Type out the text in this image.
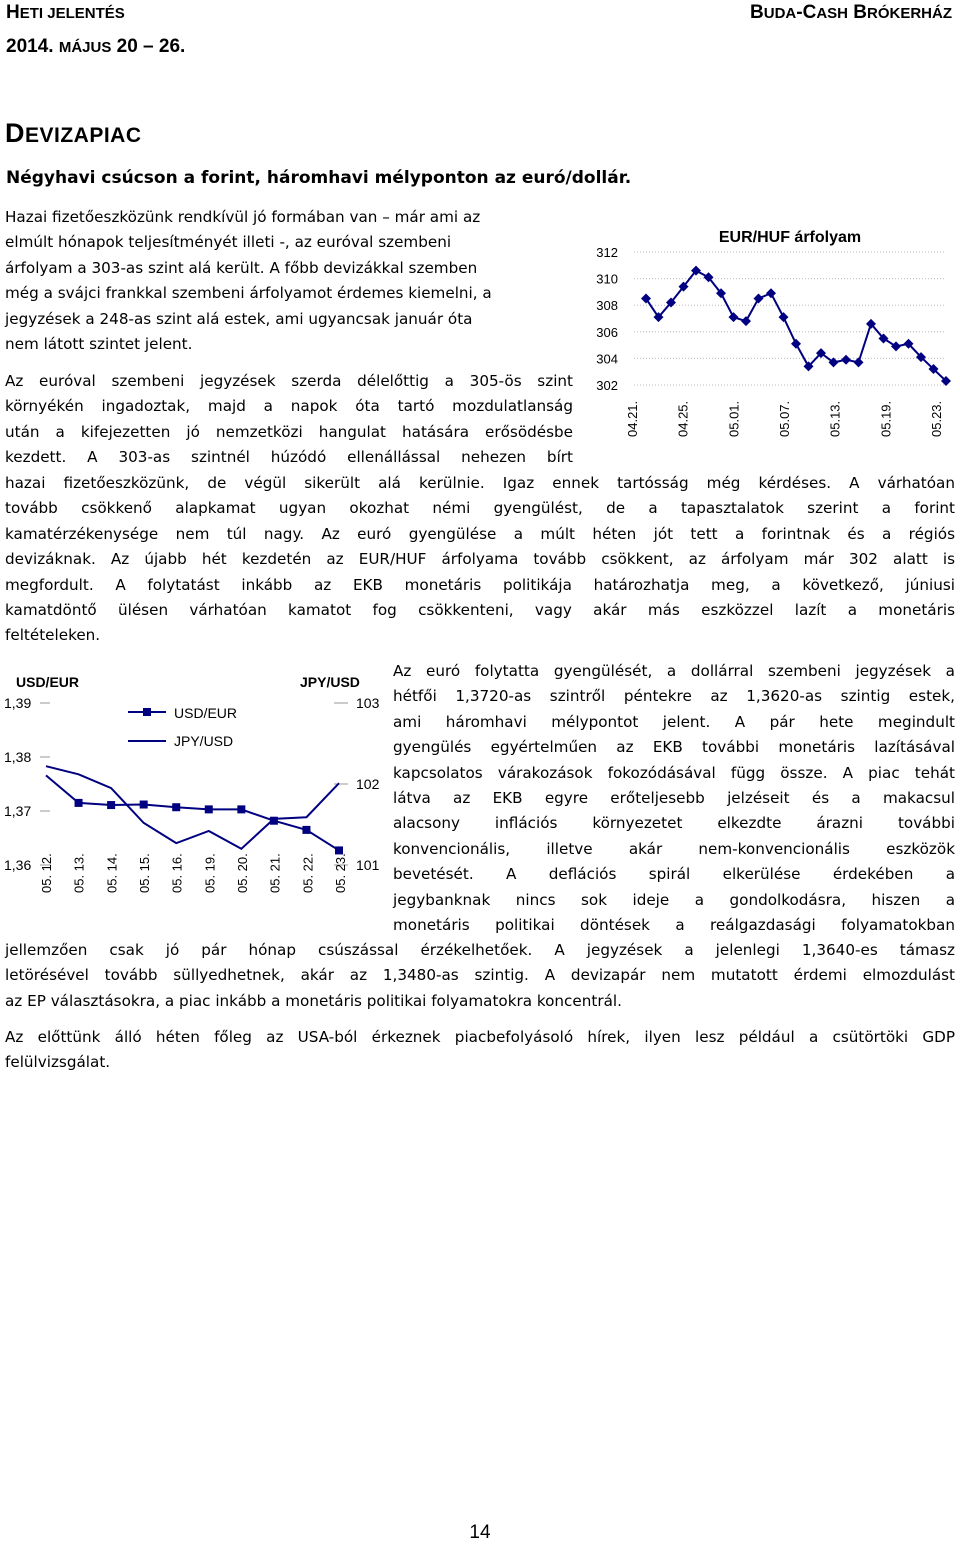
HETI JELENTÉS	BUDA-CASH BRÓKERHÁZ
2014. MÁJUS 20 – 26.
DEVIZAPIAC
Négyhavi csúcson a forint, háromhavi mélyponton az euró/dollár.
Hazai fizetőeszközünk rendkívül jó formában van – már ami az
elmúlt hónapok teljesítményét illeti -, az euróval szembeni
árfolyam a 303-as szint alá került. A főbb devizákkal szemben
még a svájci frankkal szembeni árfolyamot érdemes kiemelni, a
jegyzések a 248-as szint alá estek, ami ugyancsak január óta
nem látott szintet jelent.
Az euróval szembeni jegyzések szerda délelőttig a 305-ös szint
környékén ingadoztak, majd a napok óta tartó mozdulatlanság
után a kifejezetten jó nemzetközi hangulat hatására erősödésbe
kezdett. A 303-as szintnél húzódó ellenállással nehezen bírt
hazai fizetőeszközünk, de végül sikerült alá kerülnie. Igaz ennek tartósság még kérdéses. A várhatóan
tovább csökkenő alapkamat ugyan okozhat némi gyengülést, de a tapasztalatok szerint a forint
kamatérzékenysége nem túl nagy. Az euró gyengülése a múlt héten jót tett a forintnak és a régiós
devizáknak. Az újabb hét kezdetén az EUR/HUF árfolyama tovább csökkent, az árfolyam már 302 alatt is
megfordult. A folytatást inkább az EKB monetáris politikája határozhatja meg, a következő, júniusi
kamatdöntő ülésen várhatóan kamatot fog csökkenteni, vagy akár más eszközzel lazít a monetáris
feltételeken.
Az euró folytatta gyengülését, a dollárral szembeni jegyzések a
hétfői 1,3720-as szintről péntekre az 1,3620-as szintig estek,
ami háromhavi mélypontot jelent. A pár hete megindult
gyengülés egyértelműen az EKB további monetáris lazításával
kapcsolatos várakozások fokozódásával függ össze. A piac tehát
látva az EKB egyre erőteljesebb jelzéseit és a makacsul
alacsony inflációs környezetet elkezdte árazni további
konvencionális, illetve akár nem-konvencionális eszközök
bevetését. A deflációs spirál elkerülése érdekében a
jegybanknak nincs sok ideje a gondolkodásra, hiszen a
monetáris politikai döntések a reálgazdasági folyamatokban
jellemzően csak jó pár hónap csúszással érzékelhetőek. A jegyzések a jelenlegi 1,3640-es támasz
letörésével tovább süllyedhetnek, akár az 1,3480-as szintig. A devizapár nem mutatott érdemi elmozdulást
az EP választásokra, a piac inkább a monetáris politikai folyamatokra koncentrál.
Az előttünk álló héten főleg az USA-ból érkeznek piacbefolyásoló hírek, ilyen lesz például a csütörtöki GDP
felülvizsgálat.
EUR/HUF árfolyam
312
310
308
306
304
302
04.21.	04.25.	05.01.	05.07.	05.13.	05.19.	05.23.
USD/EUR	JPY/USD
1,39
1,38
1,37
1,36
103
102
101
USD/EUR
JPY/USD
05. 12. 05. 13. 05. 14. 05. 15. 05. 16. 05. 19. 05. 20. 05. 21. 05. 22. 05. 23.
14
